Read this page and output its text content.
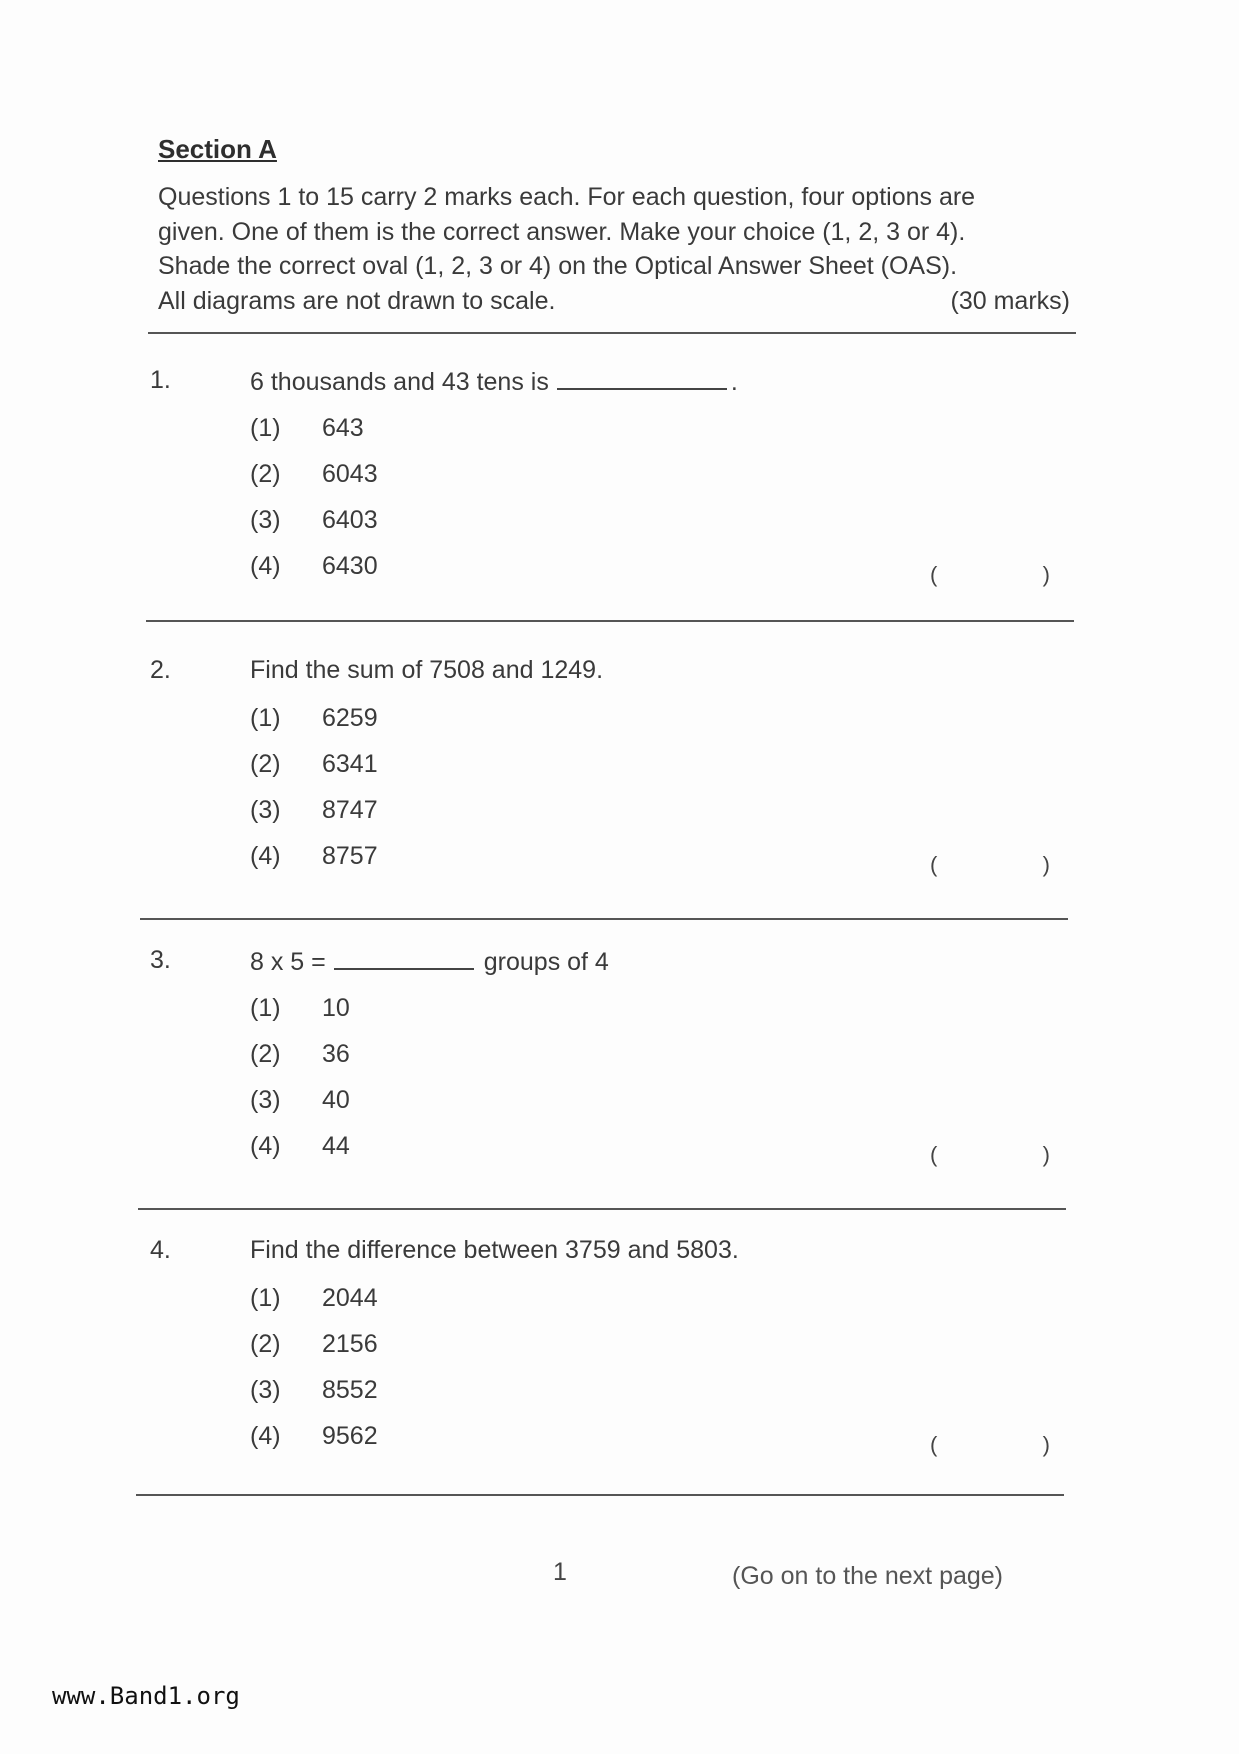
Section A

Questions 1 to 15 carry 2 marks each. For each question, four options are

given. One of them is the correct answer. Make your choice (1, 2, 3 or 4).

Shade the correct oval (1, 2, 3 or 4) on the Optical Answer Sheet (OAS).

All diagrams are not drawn to scale.	(30 marks)

1.	6 thousands and 43 tens is	.
(1)	643
(2)	6043
(3)	6403
(4)	6430	(	)
2.	Find the sum of 7508 and 1249.
(1)	6259
(2)	6341
(3)	8747
(4)	8757	(	)
3.	8 x 5 =	groups of 4
(1)	10
(2)	36
(3)	40
(4)	44	(	)
4.	Find the difference between 3759 and 5803.
(1)	2044
(2)	2156
(3)	8552
(4)	9562	(	)
1	(Go on to the next page)
www.Band1.org
